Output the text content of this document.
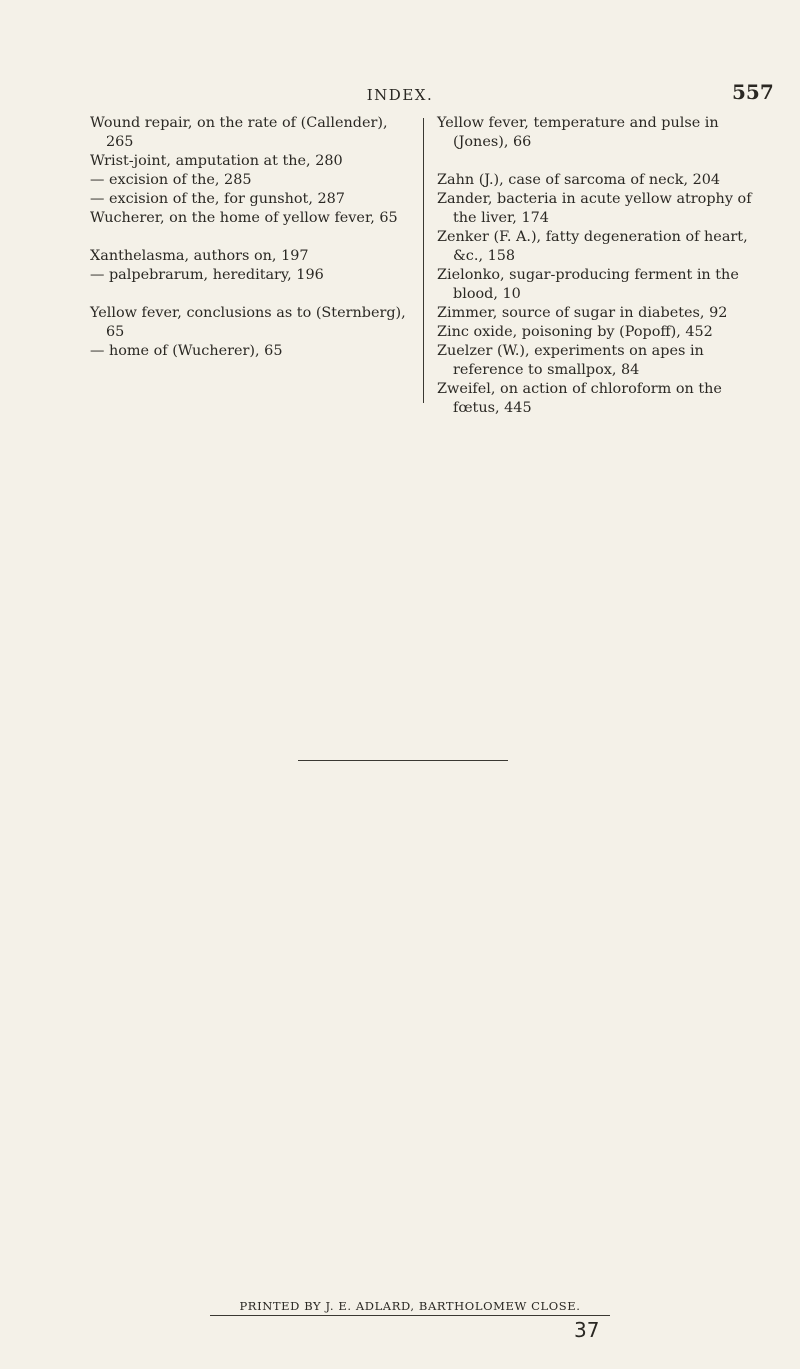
INDEX.	557

Wound repair, on the rate of (Callender), 265

Wrist-joint, amputation at the, 280

— excision of the, 285

— excision of the, for gunshot, 287

Wucherer, on the home of yellow fever, 65

Xanthelasma, authors on, 197

— palpebrarum, hereditary, 196

Yellow fever, conclusions as to (Sternberg), 65

— home of (Wucherer), 65

Yellow fever, temperature and pulse in (Jones), 66

Zahn (J.), case of sarcoma of neck, 204

Zander, bacteria in acute yellow atrophy of the liver, 174

Zenker (F. A.), fatty degeneration of heart, &c., 158

Zielonko, sugar-producing ferment in the blood, 10

Zimmer, source of sugar in diabetes, 92

Zinc oxide, poisoning by (Popoff), 452

Zuelzer (W.), experiments on apes in reference to smallpox, 84

Zweifel, on action of chloroform on the fœtus, 445

PRINTED BY J. E. ADLARD, BARTHOLOMEW CLOSE.
37
